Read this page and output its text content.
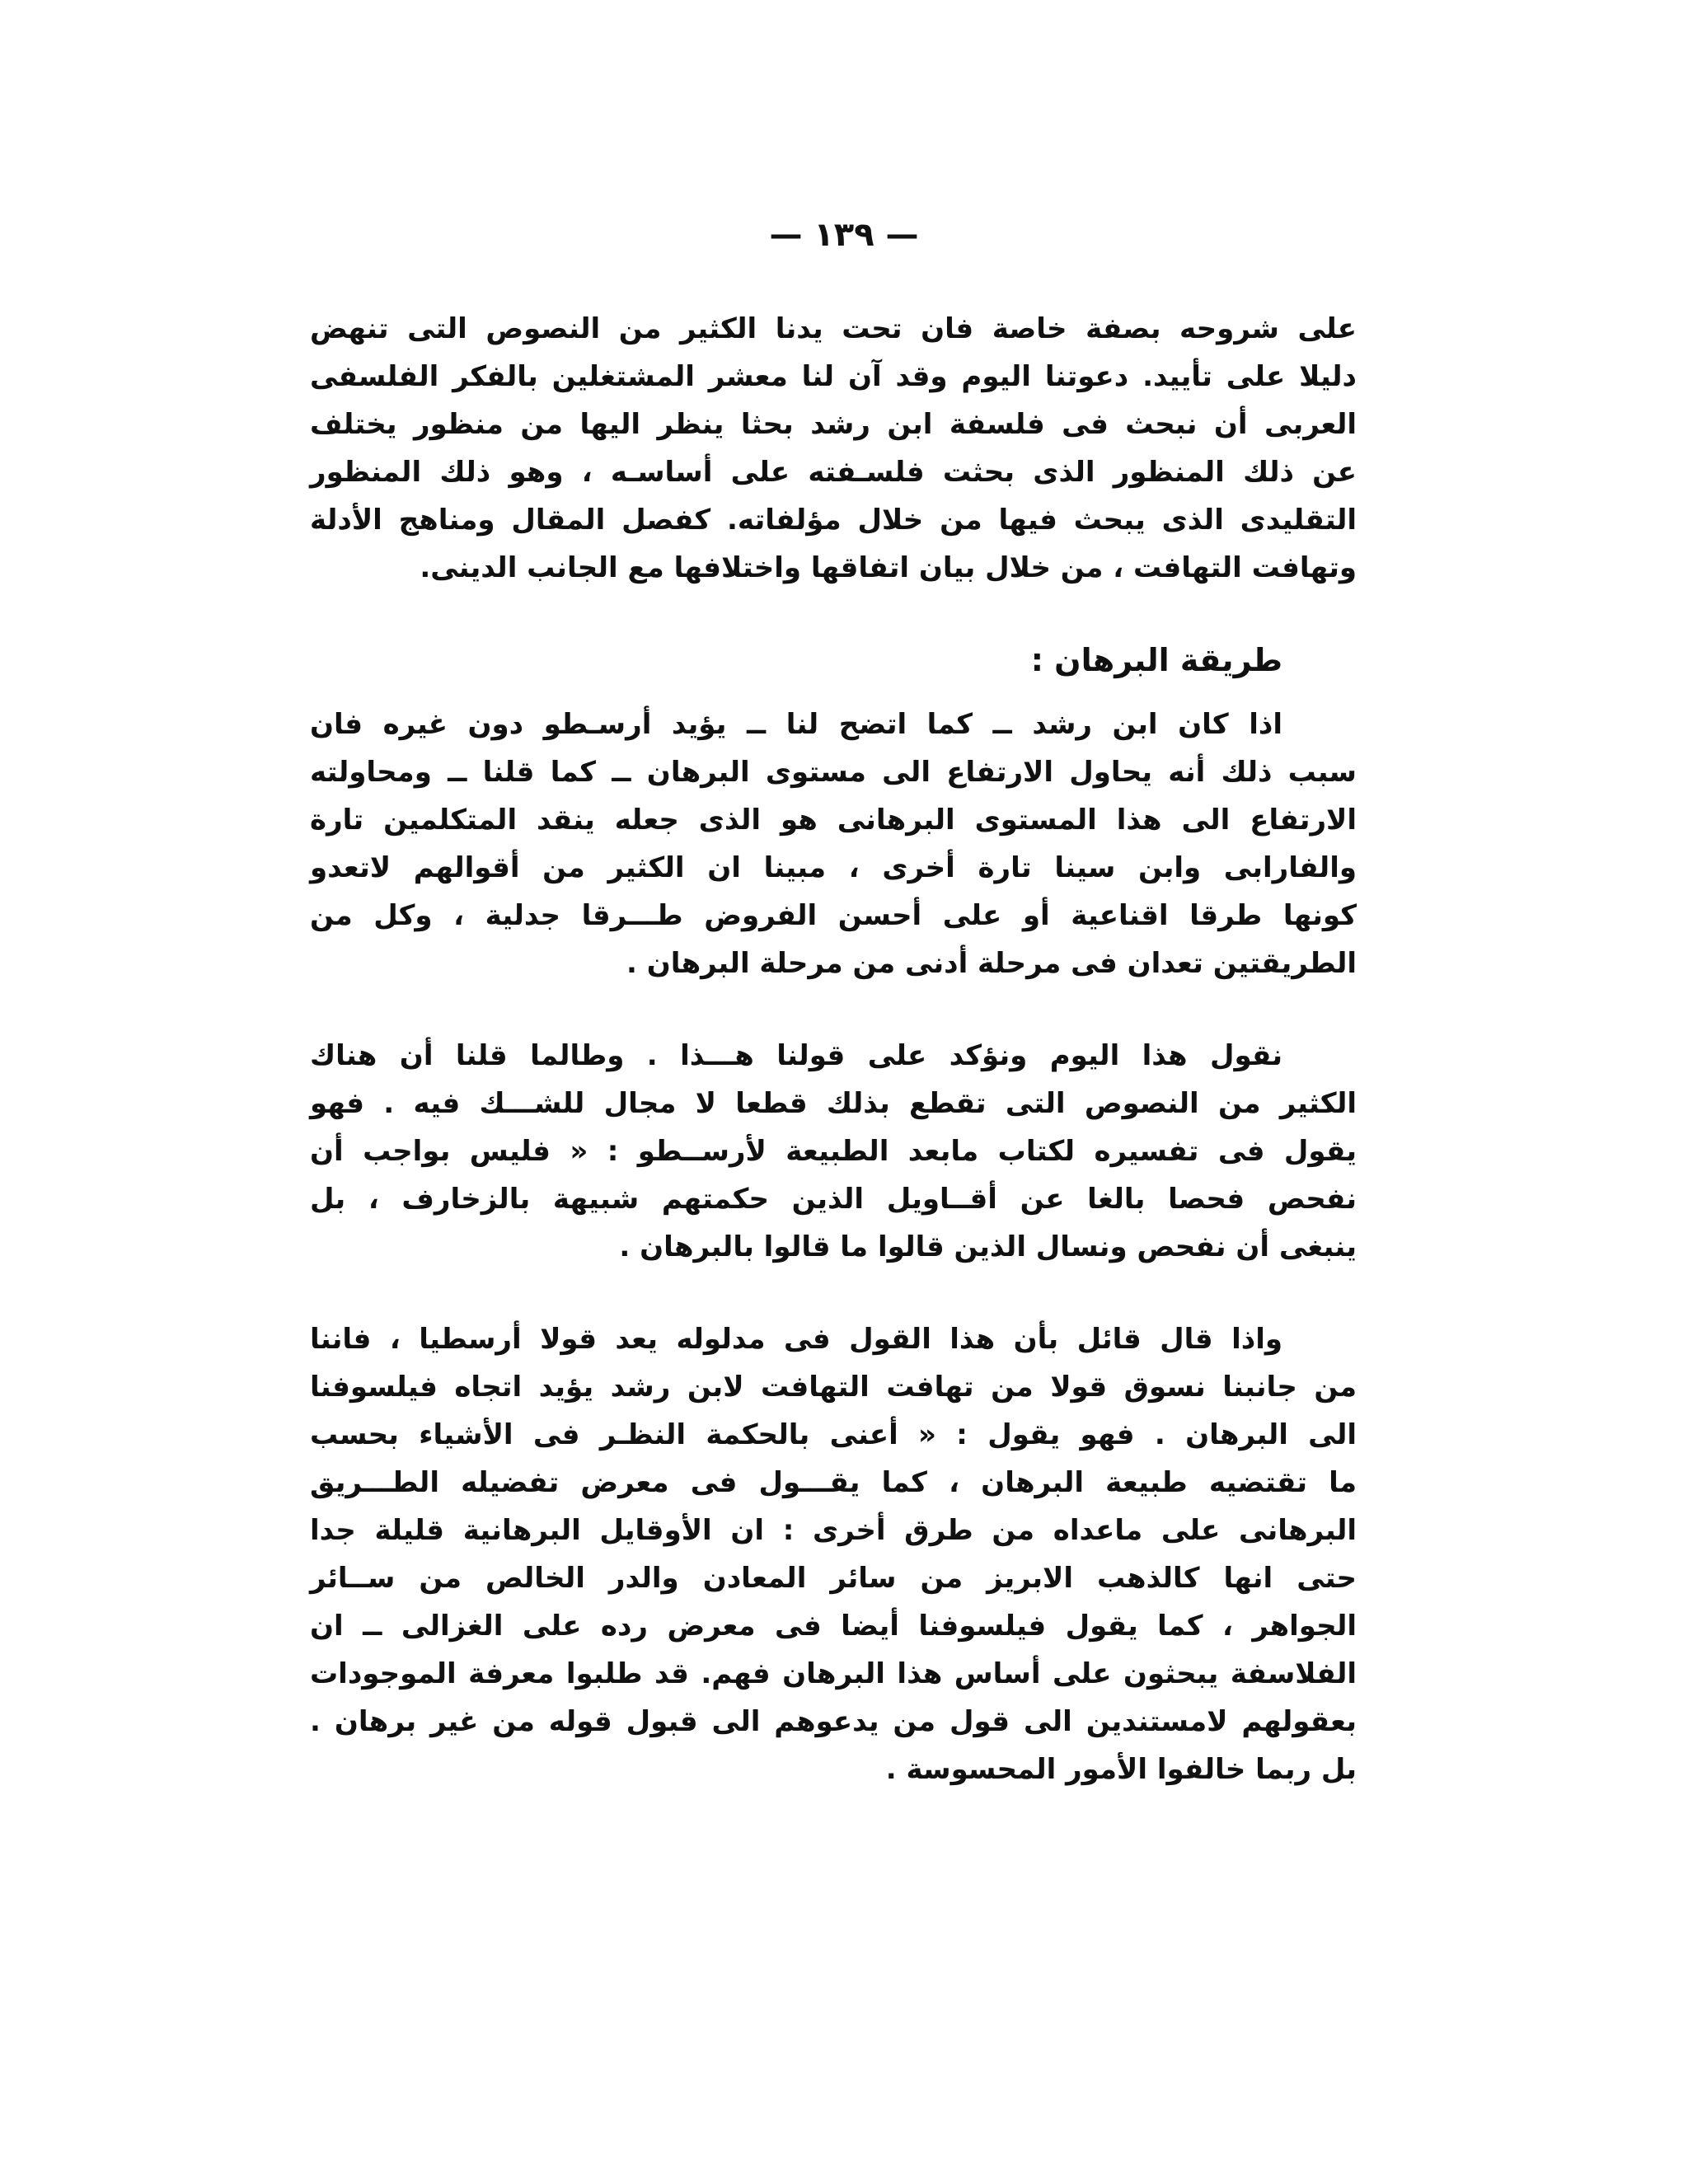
— ١٣٩ —
على شروحه بصفة خاصة فان تحت يدنا الكثير من النصوص التى تنهض
دليلا على تأييد. دعوتنا اليوم وقد آن لنا معشر المشتغلين بالفكر الفلسفى
العربى أن نبحث فى فلسفة ابن رشد بحثا ينظر اليها من منظور يختلف
عن ذلك المنظور الذى بحثت فلسـفته على أساسـه ، وهو ذلك المنظور
التقليدى الذى يبحث فيها من خلال مؤلفاته. كفصل المقال ومناهج الأدلة
وتهافت التهافت ، من خلال بيان اتفاقها واختلافها مع الجانب الدينى.
طريقة البرهان :
اذا كان ابن رشد ــ كما اتضح لنا ــ يؤيد أرسـطو دون غيره فان
سبب ذلك أنه يحاول الارتفاع الى مستوى البرهان ــ كما قلنا ــ ومحاولته
الارتفاع الى هذا المستوى البرهانى هو الذى جعله ينقد المتكلمين تارة
والفارابى وابن سينا تارة أخرى ، مبينا ان الكثير من أقوالهم لاتعدو
كونها طرقا اقناعية أو على أحسن الفروض طـــرقا جدلية ، وكل من
الطريقتين تعدان فى مرحلة أدنى من مرحلة البرهان .
نقول هذا اليوم ونؤكد على قولنا هـــذا . وطالما قلنا أن هناك
الكثير من النصوص التى تقطع بذلك قطعا لا مجال للشـــك فيه . فهو
يقول فى تفسيره لكتاب مابعد الطبيعة لأرســطو : « فليس بواجب أن
نفحص فحصا بالغا عن أقــاويل الذين حكمتهم شبيهة بالزخارف ، بل
ينبغى أن نفحص ونسال الذين قالوا ما قالوا بالبرهان .
واذا قال قائل بأن هذا القول فى مدلوله يعد قولا أرسطيا ، فاننا
من جانبنا نسوق قولا من تهافت التهافت لابن رشد يؤيد اتجاه فيلسوفنا
الى البرهان . فهو يقول : « أعنى بالحكمة النظـر فى الأشياء بحسب
ما تقتضيه طبيعة البرهان ، كما يقـــول فى معرض تفضيله الطـــريق
البرهانى على ماعداه من طرق أخرى : ان الأوقايل البرهانية قليلة جدا
حتى انها كالذهب الابريز من سائر المعادن والدر الخالص من ســائر
الجواهر ، كما يقول فيلسوفنا أيضا فى معرض رده على الغزالى ــ ان
الفلاسفة يبحثون على أساس هذا البرهان فهم. قد طلبوا معرفة الموجودات
بعقولهم لامستندين الى قول من يدعوهم الى قبول قوله من غير برهان .
بل ربما خالفوا الأمور المحسوسة .
